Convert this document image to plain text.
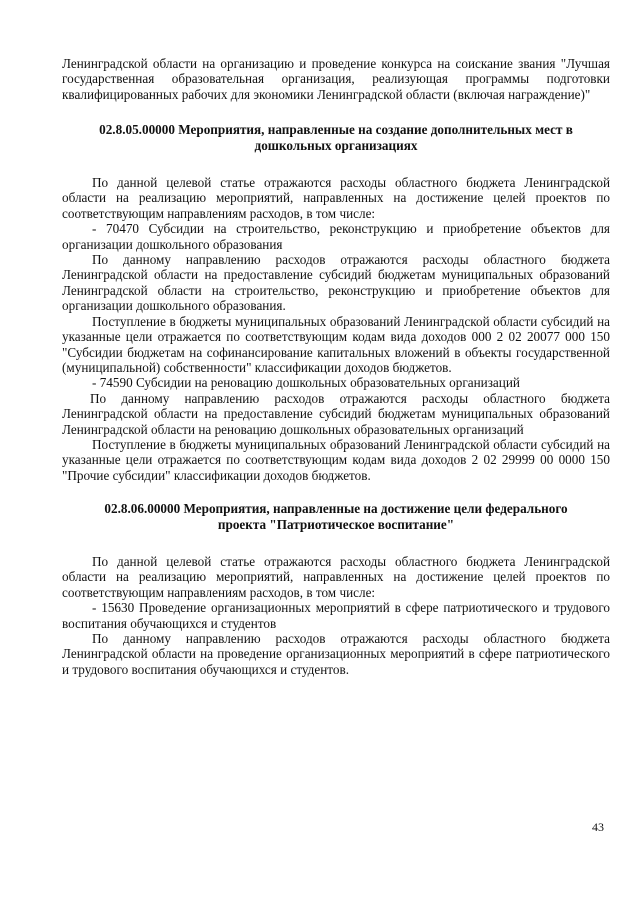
Ленинградской области на организацию и проведение конкурса на соискание звания "Лучшая государственная образовательная организация, реализующая программы подготовки квалифицированных рабочих для экономики Ленинградской области (включая награждение)"

02.8.05.00000 Мероприятия, направленные на создание дополнительных мест в дошкольных организациях

По данной целевой статье отражаются расходы областного бюджета Ленинградской области на реализацию мероприятий, направленных на достижение целей проектов по соответствующим направлениям расходов, в том числе:

- 70470 Субсидии на строительство, реконструкцию и приобретение объектов для организации дошкольного образования

По данному направлению расходов отражаются расходы областного бюджета Ленинградской области на предоставление субсидий бюджетам муниципальных образований Ленинградской области на строительство, реконструкцию и приобретение объектов для организации дошкольного образования.

Поступление в бюджеты муниципальных образований Ленинградской области субсидий на указанные цели отражается по соответствующим кодам вида доходов 000 2 02 20077 000 150 "Субсидии бюджетам на софинансирование капитальных вложений в объекты государственной (муниципальной) собственности" классификации доходов бюджетов.

- 74590 Субсидии на реновацию дошкольных образовательных организаций

По данному направлению расходов отражаются расходы областного бюджета Ленинградской области на предоставление субсидий бюджетам муниципальных образований Ленинградской области на реновацию дошкольных образовательных организаций

Поступление в бюджеты муниципальных образований Ленинградской области субсидий на указанные цели отражается по соответствующим кодам вида доходов 2 02 29999 00 0000 150 "Прочие субсидии" классификации доходов бюджетов.

02.8.06.00000 Мероприятия, направленные на достижение цели федерального проекта "Патриотическое воспитание"

По данной целевой статье отражаются расходы областного бюджета Ленинградской области на реализацию мероприятий, направленных на достижение целей проектов по соответствующим направлениям расходов, в том числе:

- 15630 Проведение организационных мероприятий в сфере патриотического и трудового воспитания обучающихся и студентов

По данному направлению расходов отражаются расходы областного бюджета Ленинградской области на проведение организационных мероприятий в сфере патриотического и трудового воспитания обучающихся и студентов.

43
